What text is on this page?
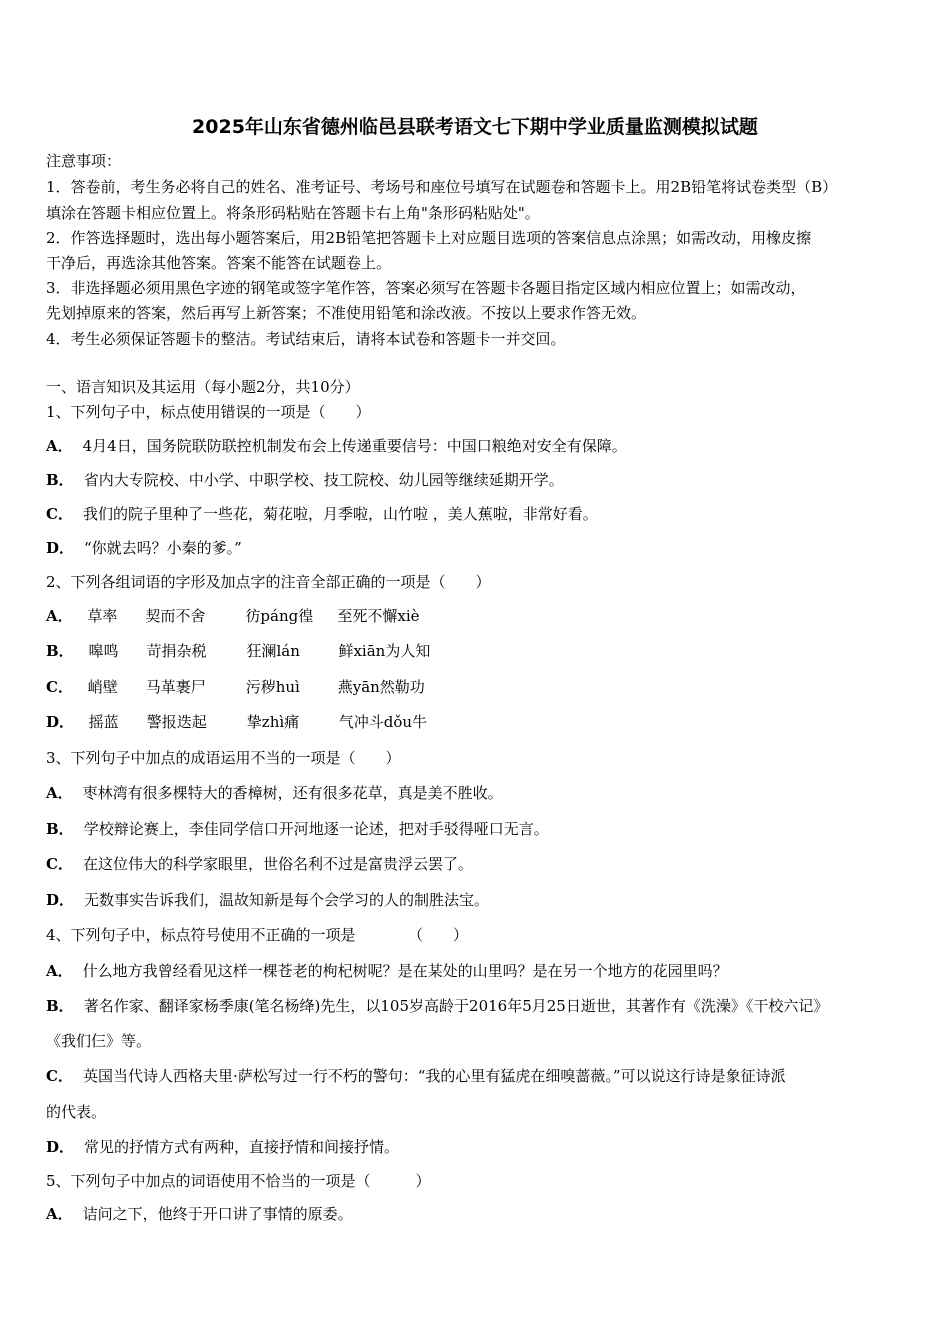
2025年山东省德州临邑县联考语文七下期中学业质量监测模拟试题
注意事项：
1．答卷前，考生务必将自己的姓名、准考证号、考场号和座位号填写在试题卷和答题卡上。用2B铅笔将试卷类型（B）
填涂在答题卡相应位置上。将条形码粘贴在答题卡右上角"条形码粘贴处"。
2．作答选择题时，选出每小题答案后，用2B铅笔把答题卡上对应题目选项的答案信息点涂黑；如需改动，用橡皮擦
干净后，再选涂其他答案。答案不能答在试题卷上。
3．非选择题必须用黑色字迹的钢笔或签字笔作答，答案必须写在答题卡各题目指定区域内相应位置上；如需改动，
先划掉原来的答案，然后再写上新答案；不准使用铅笔和涂改液。不按以上要求作答无效。
4．考生必须保证答题卡的整洁。考试结束后，请将本试卷和答题卡一并交回。
一、语言知识及其运用（每小题2分，共10分）
1、下列句子中，标点使用错误的一项是（　　）
A． 4月4日，国务院联防联控机制发布会上传递重要信号：中国口粮绝对安全有保障。
B． 省内大专院校、中小学、中职学校、技工院校、幼儿园等继续延期开学。
C． 我们的院子里种了一些花，菊花啦，月季啦，山竹啦 ，美人蕉啦，非常好看。
D． “你就去吗？小秦的爹。”
2、下列各组词语的字形及加点字的注音全部正确的一项是（　　）
A． 草率 契而不舍	彷páng徨 至死不懈xiè
B． 嗥鸣 苛捐杂税	狂澜lán	鲜xiān为人知
C． 峭壁 马革裹尸	污秽huì	燕yān然勒功
D． 摇蓝 警报迭起	挚zhì痛	气冲斗dǒu牛
3、下列句子中加点的成语运用不当的一项是（　　）
A． 枣林湾有很多棵特大的香樟树，还有很多花草，真是美不胜收。
B． 学校辩论赛上，李佳同学信口开河地逐一论述，把对手驳得哑口无言。
C． 在这位伟大的科学家眼里，世俗名利不过是富贵浮云罢了。
D． 无数事实告诉我们，温故知新是每个会学习的人的制胜法宝。
4、下列句子中，标点符号使用不正确的一项是　　　　（　　）
A． 什么地方我曾经看见这样一棵苍老的枸杞树呢？是在某处的山里吗？是在另一个地方的花园里吗？
B． 著名作家、翻译家杨季康(笔名杨绛)先生，以105岁高龄于2016年5月25日逝世，其著作有《洗澡》《干校六记》
《我们仨》等。
C． 英国当代诗人西格夫里·萨松写过一行不朽的警句：“我的心里有猛虎在细嗅蔷薇。”可以说这行诗是象征诗派
的代表。
D． 常见的抒情方式有两种，直接抒情和间接抒情。
5、下列句子中加点的词语使用不恰当的一项是（　　　）
A． 诘问之下，他终于开口讲了事情的原委。
